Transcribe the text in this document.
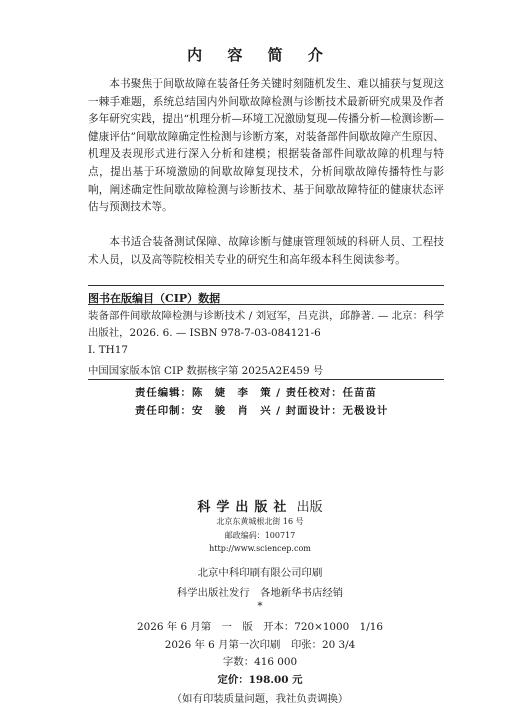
内 容 简 介

本书聚焦于间歇故障在装备任务关键时刻随机发生、难以捕获与复现这一棘手难题，系统总结国内外间歇故障检测与诊断技术最新研究成果及作者多年研究实践，提出“机理分析—环境工况激励复现—传播分析—检测诊断—健康评估”间歇故障确定性检测与诊断方案，对装备部件间歇故障产生原因、机理及表现形式进行深入分析和建模；根据装备部件间歇故障的机理与特点，提出基于环境激励的间歇故障复现技术，分析间歇故障传播特性与影响，阐述确定性间歇故障检测与诊断技术、基于间歇故障特征的健康状态评估与预测技术等。

本书适合装备测试保障、故障诊断与健康管理领域的科研人员、工程技术人员，以及高等院校相关专业的研究生和高年级本科生阅读参考。

图书在版编目（CIP）数据

装备部件间歇故障检测与诊断技术 / 刘冠军，吕克洪，邱静著. — 北京：科学出版社，2026. 6. — ISBN 978-7-03-084121-6

Ⅰ. TH17
中国国家版本馆 CIP 数据核字第 2025A2E459 号
责任编辑：陈　婕　李　策 / 责任校对：任苗苗
责任印制：安　骏　肖　兴 / 封面设计：无极设计
科学出版社 出版
北京东黄城根北街 16 号
邮政编码：100717
http://www.sciencep.com
北京中科印刷有限公司印刷
科学出版社发行　各地新华书店经销
*
2026 年 6 月第　一　版　开本：720×1000　1/16
2026 年 6 月第一次印刷　印张：20 3/4
字数：416 000
定价：198.00 元
（如有印装质量问题，我社负责调换）
